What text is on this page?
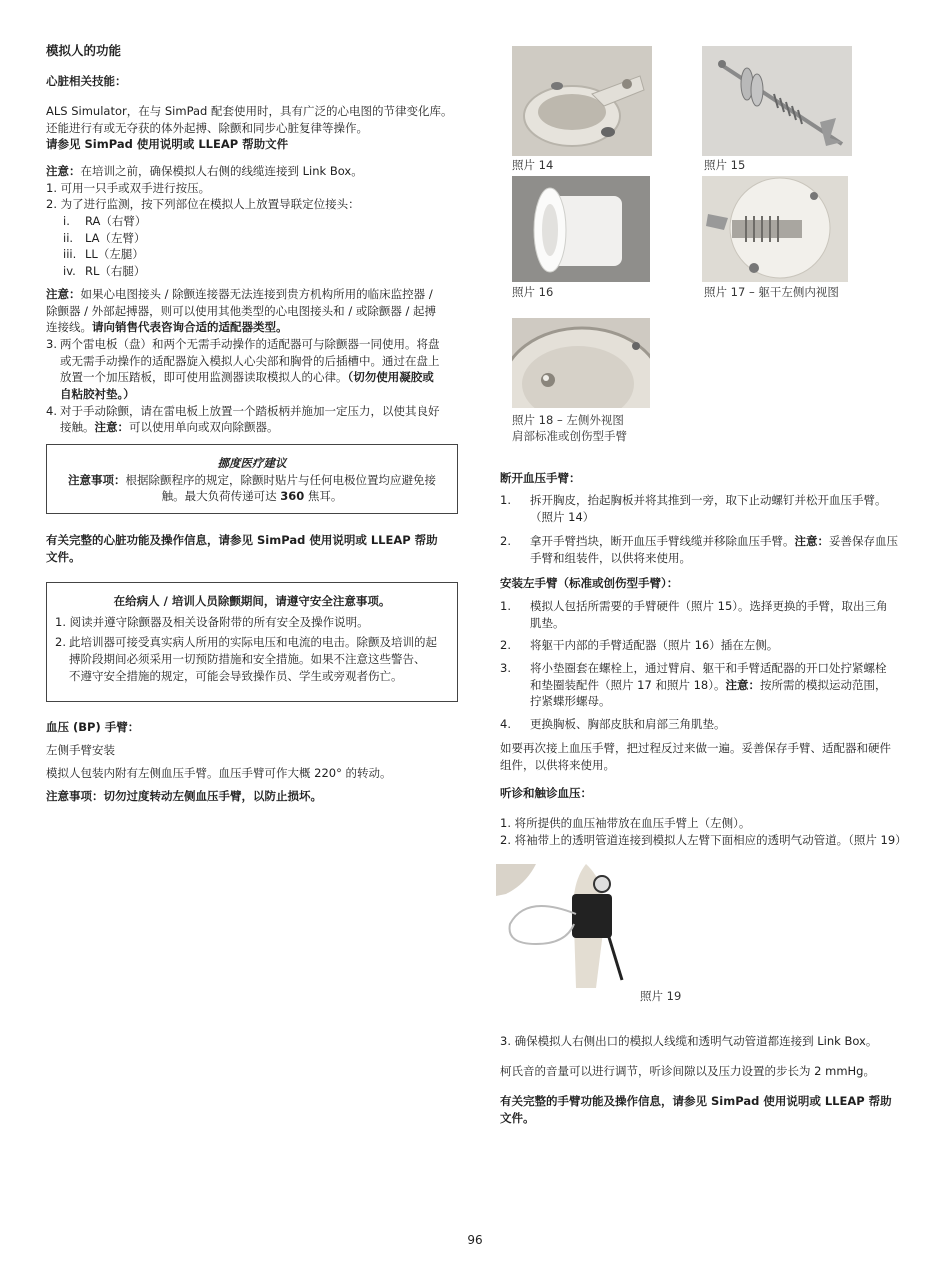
模拟人的功能
心脏相关技能：

ALS Simulator，在与 SimPad 配套使用时，具有广泛的心电图的节律变化库。

还能进行有或无夺获的体外起搏、除颤和同步心脏复律等操作。

请参见 SimPad 使用说明或 LLEAP 帮助文件

注意：在培训之前，确保模拟人右侧的线缆连接到 Link Box。

1. 可用一只手或双手进行按压。

2. 为了进行监测，按下列部位在模拟人上放置导联定位接头：

i.	RA（右臂）
ii.	LA（左臂）
iii. LL（左腿）
iv. RL（右腿）

注意：如果心电图接头 / 除颤连接器无法连接到贵方机构所用的临床监控器 /

除颤器 / 外部起搏器，则可以使用其他类型的心电图接头和 / 或除颤器 / 起搏

连接线。请向销售代表咨询合适的适配器类型。

3. 两个雷电板（盘）和两个无需手动操作的适配器可与除颤器一同使用。将盘

或无需手动操作的适配器旋入模拟人心尖部和胸骨的后插槽中。通过在盘上

放置一个加压踏板，即可使用监测器读取模拟人的心律。（切勿使用凝胶或

自粘胶衬垫。）

4. 对于手动除颤，请在雷电板上放置一个踏板柄并施加一定压力，以使其良好

接触。注意：可以使用单向或双向除颤器。

挪度医疗建议

注意事项：根据除颤程序的规定，除颤时贴片与任何电极位置均应避免接

触。最大负荷传递可达 360 焦耳。

有关完整的心脏功能及操作信息，请参见 SimPad 使用说明或 LLEAP 帮助

文件。

在给病人 / 培训人员除颤期间，请遵守安全注意事项。

1. 阅读并遵守除颤器及相关设备附带的所有安全及操作说明。

2. 此培训器可接受真实病人所用的实际电压和电流的电击。除颤及培训的起

搏阶段期间必须采用一切预防措施和安全措施。如果不注意这些警告、

不遵守安全措施的规定，可能会导致操作员、学生或旁观者伤亡。

血压 (BP) 手臂：
左侧手臂安装
模拟人包装内附有左侧血压手臂。血压手臂可作大概 220° 的转动。
注意事项：切勿过度转动左侧血压手臂，以防止损坏。
照片 14	照片 15
照片 16	照片 17 – 躯干左侧内视图

照片 18 – 左侧外视图

肩部标准或创伤型手臂

断开血压手臂：
1.	拆开胸皮，抬起胸板并将其推到一旁，取下止动螺钉并松开血压手臂。

（照片 14）

2.	拿开手臂挡块，断开血压手臂线缆并移除血压手臂。注意：妥善保存血压

手臂和组装件，以供将来使用。

安装左手臂（标准或创伤型手臂）：
1.	模拟人包括所需要的手臂硬件（照片 15）。选择更换的手臂，取出三角

肌垫。

2.	将躯干内部的手臂适配器（照片 16）插在左侧。

3.	将小垫圈套在螺栓上，通过臂肩、躯干和手臂适配器的开口处拧紧螺栓

和垫圈装配件（照片 17 和照片 18）。注意：按所需的模拟运动范围，

拧紧蝶形螺母。

4.	更换胸板、胸部皮肤和肩部三角肌垫。

如要再次接上血压手臂，把过程反过来做一遍。妥善保存手臂、适配器和硬件

组件，以供将来使用。

听诊和触诊血压：

1. 将所提供的血压袖带放在血压手臂上（左侧）。

2. 将袖带上的透明管道连接到模拟人左臂下面相应的透明气动管道。（照片 19）

照片 19
3. 确保模拟人右侧出口的模拟人线缆和透明气动管道都连接到 Link Box。
柯氏音的音量可以进行调节，听诊间隙以及压力设置的步长为 2 mmHg。

有关完整的手臂功能及操作信息，请参见 SimPad 使用说明或 LLEAP 帮助

文件。

96
